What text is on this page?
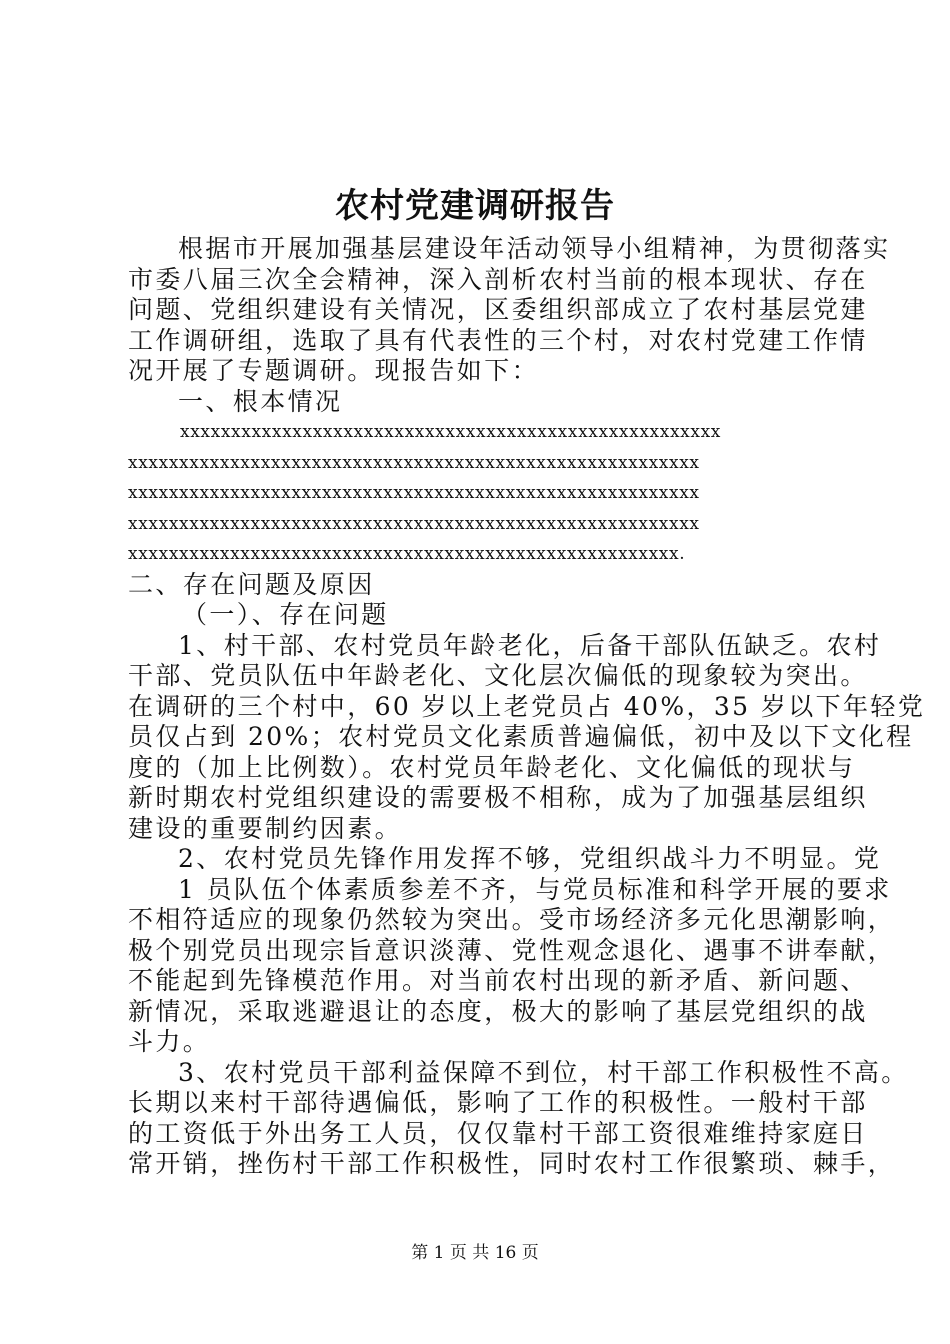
农村党建调研报告
根据市开展加强基层建设年活动领导小组精神，为贯彻落实
市委八届三次全会精神，深入剖析农村当前的根本现状、存在
问题、党组织建设有关情况，区委组织部成立了农村基层党建
工作调研组，选取了具有代表性的三个村，对农村党建工作情
况开展了专题调研。现报告如下：
一、根本情况
xxxxxxxxxxxxxxxxxxxxxxxxxxxxxxxxxxxxxxxxxxxxxxxxxxxxx
xxxxxxxxxxxxxxxxxxxxxxxxxxxxxxxxxxxxxxxxxxxxxxxxxxxxxxxx
xxxxxxxxxxxxxxxxxxxxxxxxxxxxxxxxxxxxxxxxxxxxxxxxxxxxxxxx
xxxxxxxxxxxxxxxxxxxxxxxxxxxxxxxxxxxxxxxxxxxxxxxxxxxxxxxx
xxxxxxxxxxxxxxxxxxxxxxxxxxxxxxxxxxxxxxxxxxxxxxxxxxxxxx.
二、存在问题及原因
（一）、存在问题
1、村干部、农村党员年龄老化，后备干部队伍缺乏。农村
干部、党员队伍中年龄老化、文化层次偏低的现象较为突出。
在调研的三个村中，60 岁以上老党员占 40%，35 岁以下年轻党
员仅占到 20%；农村党员文化素质普遍偏低，初中及以下文化程
度的（加上比例数）。农村党员年龄老化、文化偏低的现状与
新时期农村党组织建设的需要极不相称，成为了加强基层组织
建设的重要制约因素。
2、农村党员先锋作用发挥不够，党组织战斗力不明显。党
1 员队伍个体素质参差不齐，与党员标准和科学开展的要求
不相符适应的现象仍然较为突出。受市场经济多元化思潮影响，
极个别党员出现宗旨意识淡薄、党性观念退化、遇事不讲奉献，
不能起到先锋模范作用。对当前农村出现的新矛盾、新问题、
新情况，采取逃避退让的态度，极大的影响了基层党组织的战
斗力。
3、农村党员干部利益保障不到位，村干部工作积极性不高。
长期以来村干部待遇偏低，影响了工作的积极性。一般村干部
的工资低于外出务工人员，仅仅靠村干部工资很难维持家庭日
常开销，挫伤村干部工作积极性，同时农村工作很繁琐、棘手，
第 1 页 共 16 页
